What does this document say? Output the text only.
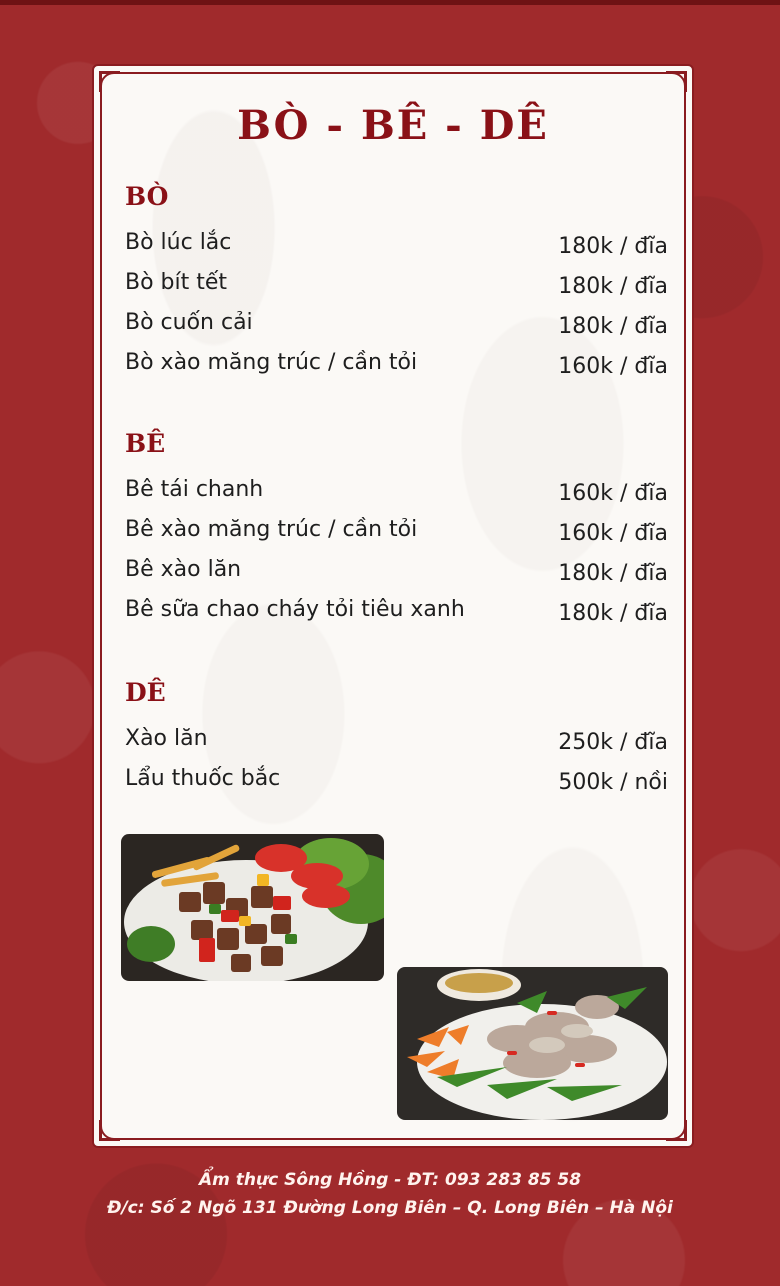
BÒ - BÊ - DÊ
BÒ
Bò lúc lắc	180k / đĩa
Bò bít tết	180k / đĩa
Bò cuốn cải	180k / đĩa
Bò xào măng trúc / cần tỏi	160k / đĩa
BÊ
Bê tái chanh	160k / đĩa
Bê xào măng trúc / cần tỏi	160k / đĩa
Bê xào lăn	180k / đĩa
Bê sữa chao cháy tỏi tiêu xanh	180k / đĩa
DÊ
Xào lăn	250k / đĩa
Lẩu thuốc bắc	500k / nồi
Ẩm thực Sông Hồng - ĐT: 093 283 85 58
Đ/c: Số 2 Ngõ 131 Đường Long Biên – Q. Long Biên – Hà Nội
